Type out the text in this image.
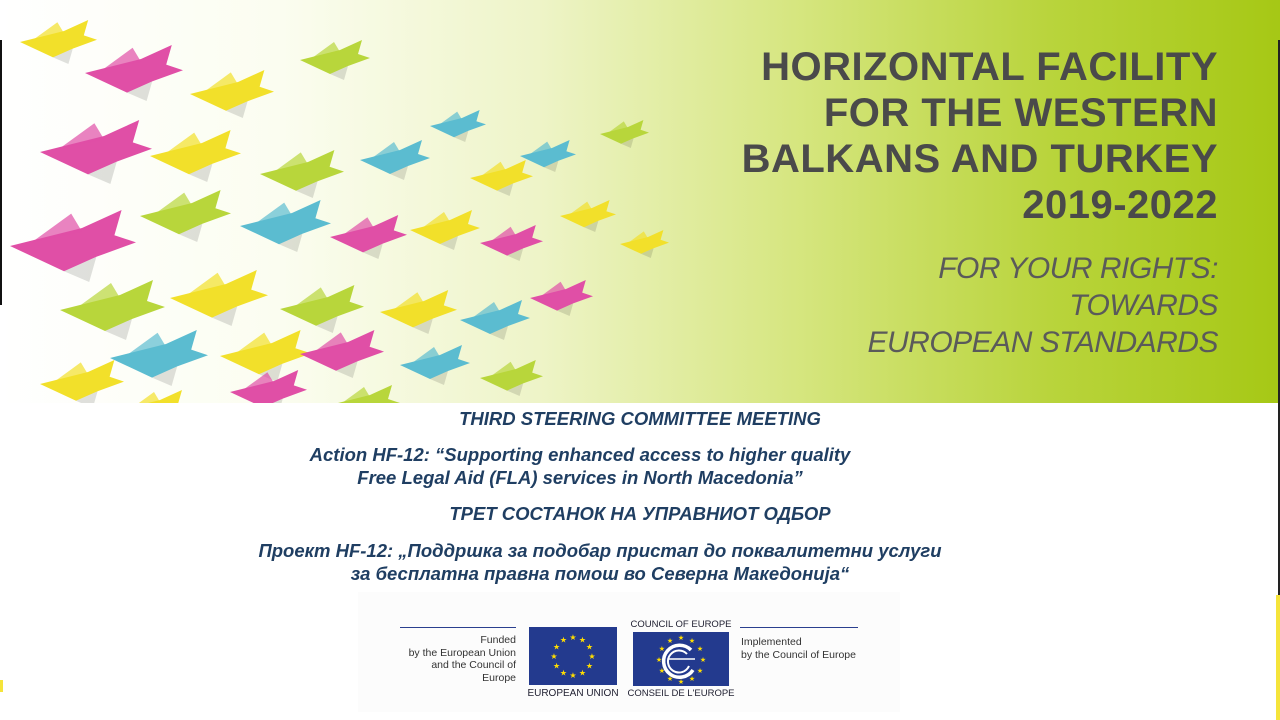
HORIZONTAL FACILITY
FOR THE WESTERN
BALKANS AND TURKEY
2019-2022
FOR YOUR RIGHTS:
TOWARDS
EUROPEAN STANDARDS

THIRD STEERING COMMITTEE MEETING

Action HF-12: “Supporting enhanced access to higher quality Free Legal Aid (FLA) services in North Macedonia”

ТРЕТ СОСТАНОК НА УПРАВНИОТ ОДБОР

Проект HF-12: „Поддршка за подобар пристап до поквалитетни услуги за бесплатна правна помош во Северна Македонија“

Funded
by the European Union
and the Council of Europe
★
★
★
★
★
★
★
★
★ ★ ★
★
EUROPEAN UNION
COUNCIL OF EUROPE
★
★
★
★
★
★
★
★
★ ★ ★
★
CONSEIL DE L'EUROPE
Implemented
by the Council of Europe
